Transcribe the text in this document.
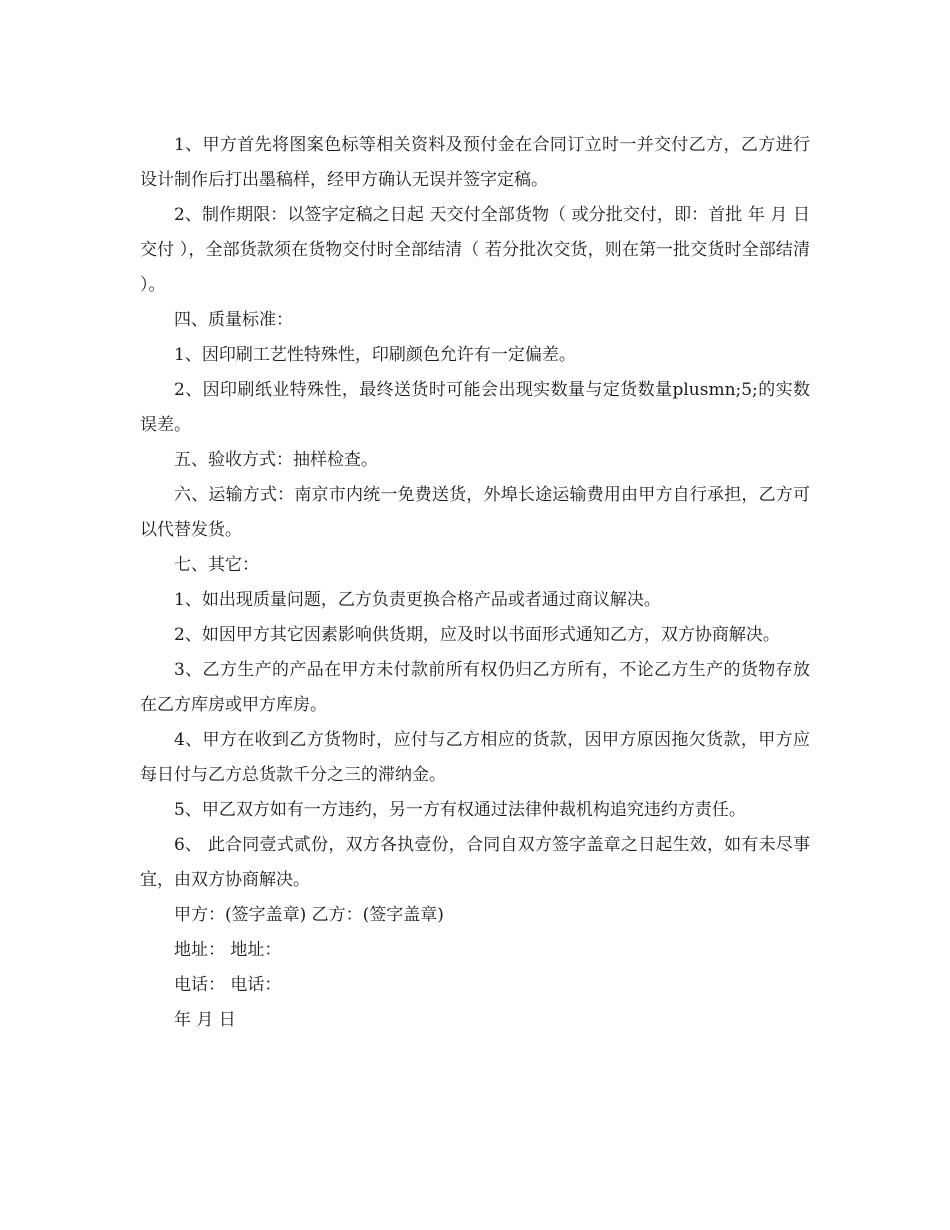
1、甲方首先将图案色标等相关资料及预付金在合同订立时一并交付乙方，乙方进行设计制作后打出墨稿样，经甲方确认无误并签字定稿。

2、制作期限：以签字定稿之日起 天交付全部货物（ 或分批交付，即：首批 年 月 日交付 ），全部货款须在货物交付时全部结清（ 若分批次交货，则在第一批交货时全部结清 ）。

四、质量标准：

1、因印刷工艺性特殊性，印刷颜色允许有一定偏差。

2、因印刷纸业特殊性，最终送货时可能会出现实数量与定货数量plusmn;5;的实数误差。

五、验收方式：抽样检查。

六、运输方式：南京市内统一免费送货，外埠长途运输费用由甲方自行承担，乙方可以代替发货。

七、其它：

1、如出现质量问题，乙方负责更换合格产品或者通过商议解决。

2、如因甲方其它因素影响供货期，应及时以书面形式通知乙方，双方协商解决。

3、乙方生产的产品在甲方未付款前所有权仍归乙方所有，不论乙方生产的货物存放在乙方库房或甲方库房。

4、甲方在收到乙方货物时，应付与乙方相应的货款，因甲方原因拖欠货款，甲方应每日付与乙方总货款千分之三的滞纳金。

5、甲乙双方如有一方违约，另一方有权通过法律仲裁机构追究违约方责任。

6、 此合同壹式贰份，双方各执壹份，合同自双方签字盖章之日起生效，如有未尽事宜，由双方协商解决。

甲方：(签字盖章) 乙方：(签字盖章)

地址： 地址：

电话： 电话：

年 月 日
